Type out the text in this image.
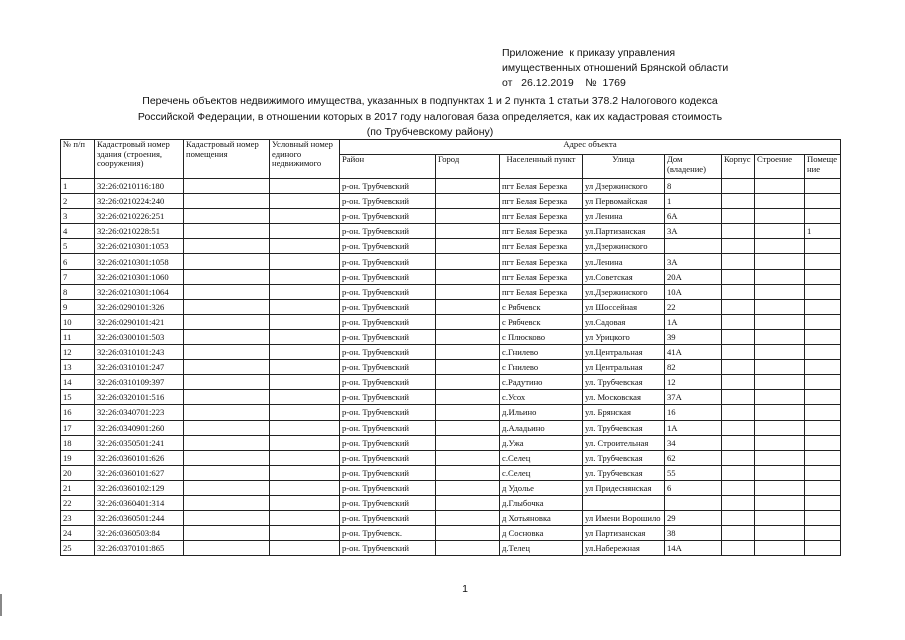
Приложение  к приказу управления
имущественных отношений Брянской области
от   26.12.2019    №  1769
Перечень объектов недвижимого имущества, указанных в подпунктах 1 и 2 пункта 1 статьи 378.2 Налогового кодекса
Российской Федерации, в отношении которых в 2017 году налоговая база определяется, как их кадастровая стоимость
(по Трубчевскому району)
№ п/п	Кадастровый номер здания (строения, сооружения)	Кадастровый номер помещения	Условный номер единого недвижимого	Адрес объекта							
				Район	Город	Населенный пункт	Улица	Дом (владение)	Корпус	Строение	Помещение
1	32:26:0210116:180			р-он. Трубчевский		пгт Белая Березка	ул Дзержинского	8			
2	32:26:0210224:240			р-он. Трубчевский		пгт Белая Березка	ул Первомайская	1			
3	32:26:0210226:251			р-он. Трубчевский		пгт Белая Березка	ул Ленина	6А			
4	32:26:0210228:51			р-он. Трубчевский		пгт Белая Березка	ул.Партизанская	3А			1
5	32:26:0210301:1053			р-он. Трубчевский		пгт Белая Березка	ул.Дзержинского				
6	32:26:0210301:1058			р-он. Трубчевский		пгт Белая Березка	ул.Ленина	3А			
7	32:26:0210301:1060			р-он. Трубчевский		пгт Белая Березка	ул.Советская	20А			
8	32:26:0210301:1064			р-он. Трубчевский		пгт Белая Березка	ул.Дзержинского	10А			
9	32:26:0290101:326			р-он. Трубчевский		с Рябчевск	ул Шоссейная	22			
10	32:26:0290101:421			р-он. Трубчевский		с Рябчевск	ул.Садовая	1А			
11	32:26:0300101:503			р-он. Трубчевский		с Плюсково	ул Урицкого	39			
12	32:26:0310101:243			р-он. Трубчевский		с.Гнилево	ул.Центральная	41А			
13	32:26:0310101:247			р-он. Трубчевский		с Гнилево	ул Центральная	82			
14	32:26:0310109:397			р-он. Трубчевский		с.Радутино	ул. Трубчевская	12			
15	32:26:0320101:516			р-он. Трубчевский		с.Усох	ул. Московская	37А			
16	32:26:0340701:223			р-он. Трубчевский		д.Ильино	ул. Брянская	16			
17	32:26:0340901:260			р-он. Трубчевский		д.Аладьино	ул. Трубчевская	1А			
18	32:26:0350501:241			р-он. Трубчевский		д.Ужа	ул. Строительная	34			
19	32:26:0360101:626			р-он. Трубчевский		с.Селец	ул. Трубчевская	62			
20	32:26:0360101:627			р-он. Трубчевский		с.Селец	ул. Трубчевская	55			
21	32:26:0360102:129			р-он. Трубчевский		д Удолье	ул Придеснянская	6			
22	32:26:0360401:314			р-он. Трубчевский		д.Глыбочка					
23	32:26:0360501:244			р-он. Трубчевский		д Хотьяновка	ул Имени Ворошило	29			
24	32:26:0360503:84			р-он. Трубчевск.		д Сосновка	ул Партизанская	38			
25	32:26:0370101:865			р-он. Трубчевский		д.Телец	ул.Набережная	14А			
1
